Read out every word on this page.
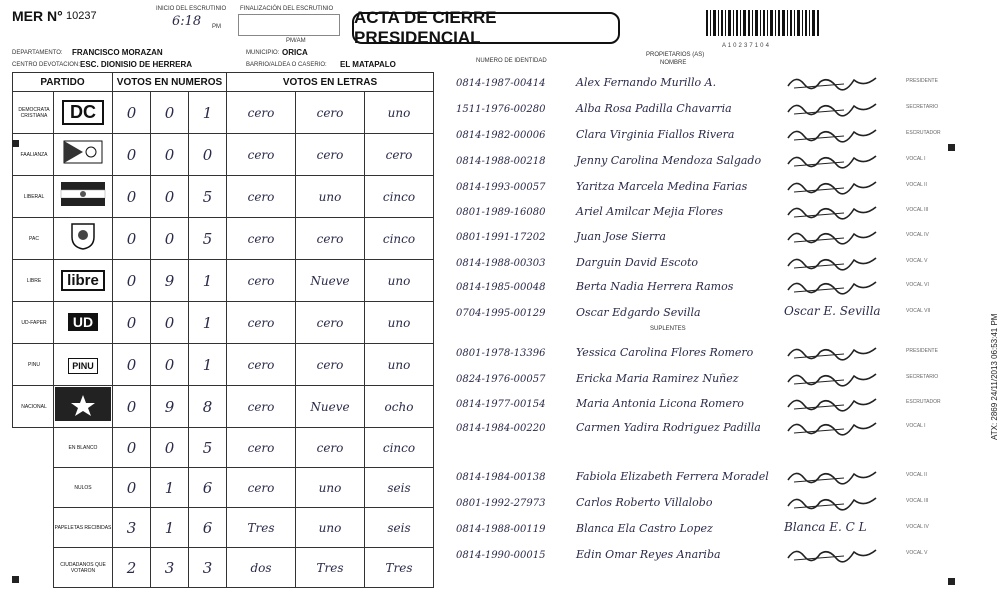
MER N° 10237
INICIO DEL ESCRUTINIO
6:18 PM
FINALIZACIÓN DEL ESCRUTINIO
PM/AM
ACTA DE CIERRE PRESIDENCIAL	A 1 0 2 3 7 1 0 4
DEPARTAMENTO: FRANCISCO MORAZAN	MUNICIPIO: ORICA
CENTRO DEVOTACION: ESC. DIONISIO DE HERRERA	BARRIO/ALDEA O CASERIO: EL MATAPALO	NUMERO DE IDENTIDAD
PROPIETARIOS (AS)
NOMBRE
PARTIDO		VOTOS EN NUMEROS			VOTOS EN LETRAS		
DEMOCRATA CRISTIANA	DC	0	0	1	cero	cero	uno
FAALIANZA		0	0	0	cero	cero	cero
LIBERAL		0	0	5	cero	uno	cinco
PAC		0	0	5	cero	cero	cinco
LIBRE	libre	0	9	1	cero	Nueve	uno
UD-FAPER	UD	0	0	1	cero	cero	uno
PINU	PINU	0	0	1	cero	cero	uno
NACIONAL		0	9	8	cero	Nueve	ocho
	EN BLANCO	0	0	5	cero	cero	cinco
	NULOS	0	1	6	cero	uno	seis
	PAPELETAS RECIBIDAS	3	1	6	Tres	uno	seis
	CIUDADANOS QUE VOTARON	2	3	3	dos	Tres	Tres
0814-1987-00414	Alex Fernando Murillo A.	PRESIDENTE
1511-1976-00280	Alba Rosa Padilla Chavarria	SECRETARIO
0814-1982-00006	Clara Virginia Fiallos Rivera	ESCRUTADOR
0814-1988-00218	Jenny Carolina Mendoza Salgado	VOCAL I
0814-1993-00057	Yaritza Marcela Medina Farias	VOCAL II
0801-1989-16080	Ariel Amilcar Mejia Flores	VOCAL III
0801-1991-17202	Juan Jose Sierra	VOCAL IV
0814-1988-00303	Darguin David Escoto	VOCAL V
0814-1985-00048	Berta Nadia Herrera Ramos	VOCAL VI
0704-1995-00129	Oscar Edgardo Sevilla	Oscar E. Sevilla	VOCAL VII
0801-1978-13396	Yessica Carolina Flores Romero	PRESIDENTE
0824-1976-00057	Ericka Maria Ramirez Nuñez	SECRETARIO
0814-1977-00154	Maria Antonia Licona Romero	ESCRUTADOR
0814-1984-00220	Carmen Yadira Rodriguez Padilla	VOCAL I
0814-1984-00138	Fabiola Elizabeth Ferrera Moradel	VOCAL II
0801-1992-27973	Carlos Roberto Villalobo	VOCAL III
0814-1988-00119	Blanca Ela Castro Lopez	Blanca E. C L	VOCAL IV
0814-1990-00015	Edin Omar Reyes Anariba	VOCAL V
SUPLENTES	ATX: 2869 24/11/2013 06:53:41 PM
